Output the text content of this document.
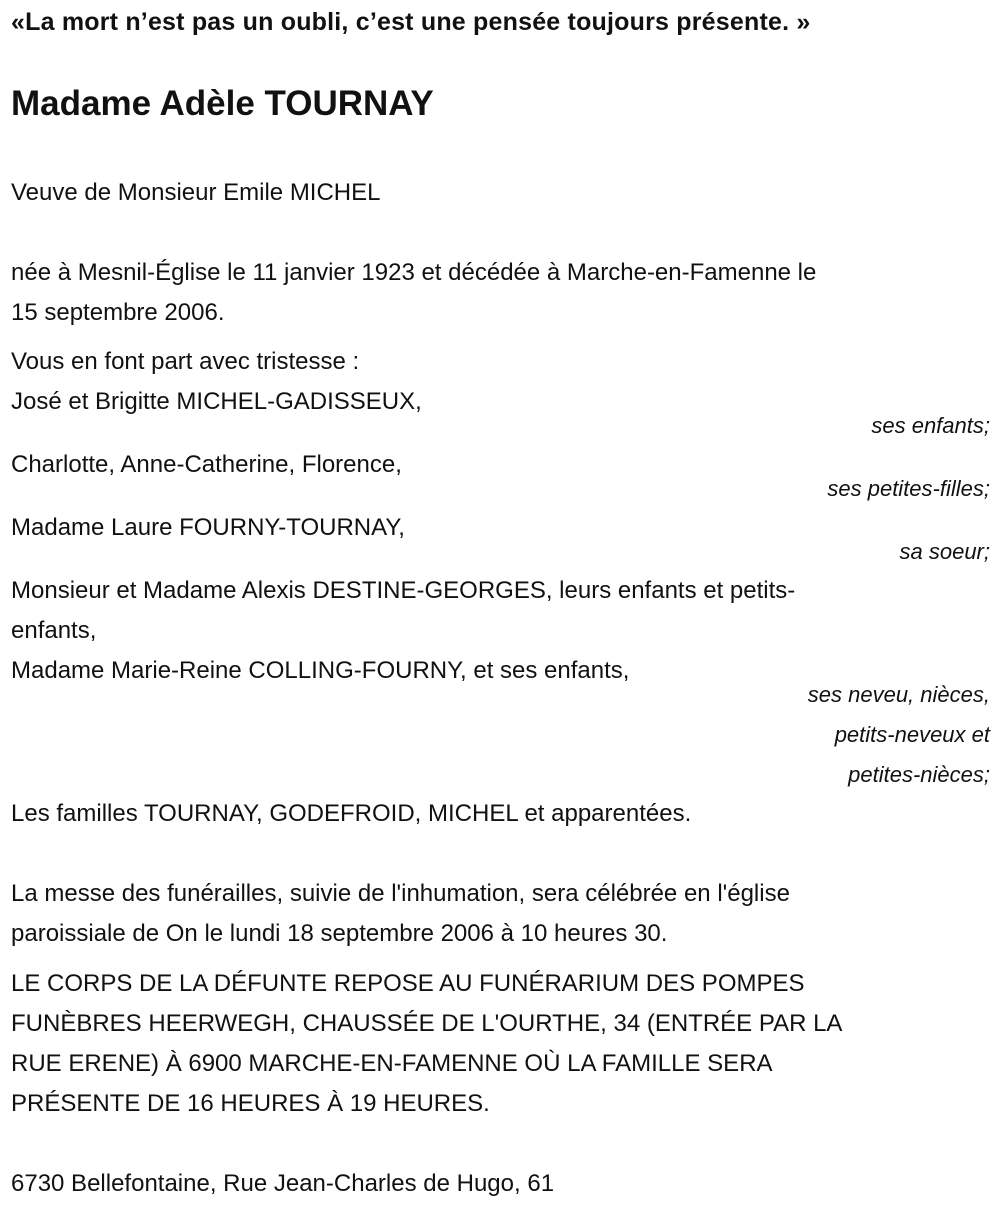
«La mort n’est pas un oubli, c’est une pensée toujours présente. »
Madame Adèle TOURNAY
Veuve de Monsieur Emile MICHEL
née à Mesnil-Église le 11 janvier 1923 et décédée à Marche-en-Famenne le
15 septembre 2006.
Vous en font part avec tristesse :
José et Brigitte MICHEL-GADISSEUX,
ses enfants;
Charlotte, Anne-Catherine, Florence,
ses petites-filles;
Madame Laure FOURNY-TOURNAY,
sa soeur;
Monsieur et Madame Alexis DESTINE-GEORGES, leurs enfants et petits-
enfants,
Madame Marie-Reine COLLING-FOURNY, et ses enfants,
ses neveu, nièces,
petits-neveux et
petites-nièces;
Les familles TOURNAY, GODEFROID, MICHEL et apparentées.
La messe des funérailles, suivie de l'inhumation, sera célébrée en l'église
paroissiale de On le lundi 18 septembre 2006 à 10 heures 30.
LE CORPS DE LA DÉFUNTE REPOSE AU FUNÉRARIUM DES POMPES
FUNÈBRES HEERWEGH, CHAUSSÉE DE L'OURTHE, 34 (ENTRÉE PAR LA
RUE ERENE) À 6900 MARCHE-EN-FAMENNE OÙ LA FAMILLE SERA
PRÉSENTE DE 16 HEURES À 19 HEURES.
6730 Bellefontaine, Rue Jean-Charles de Hugo, 61
